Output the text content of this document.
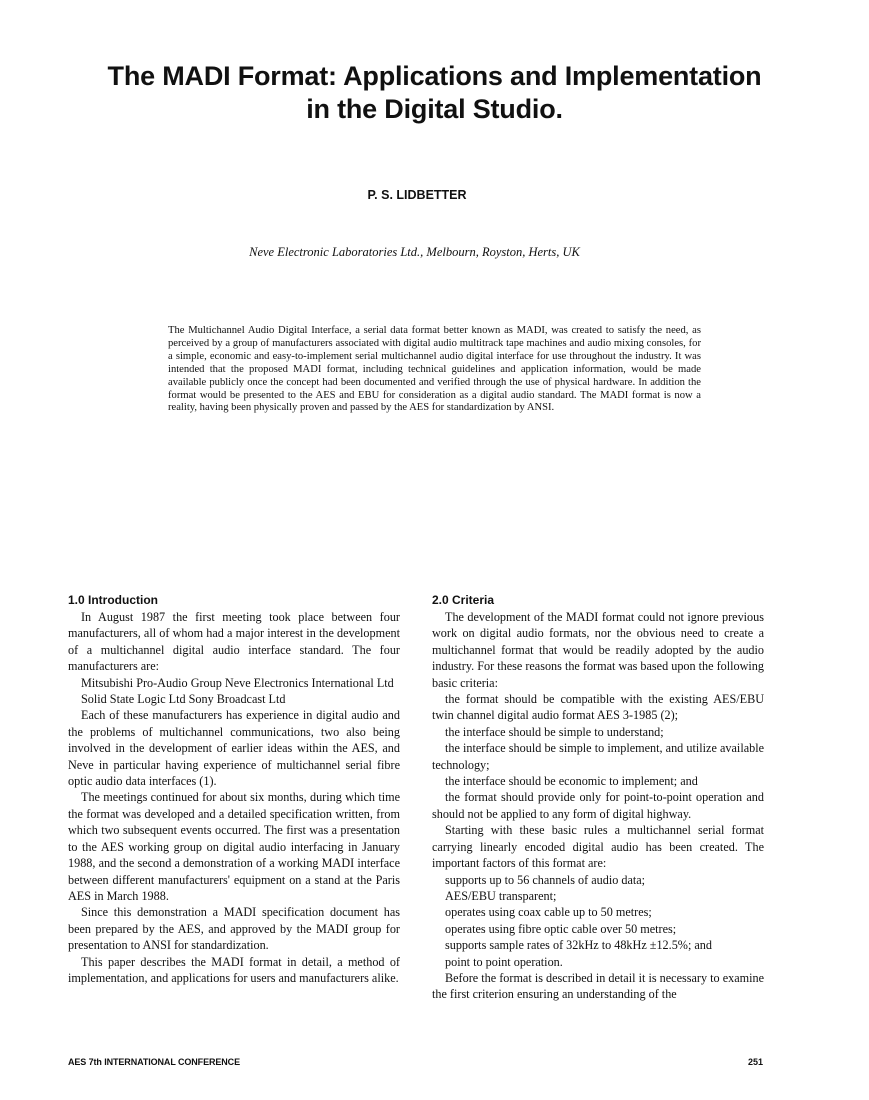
The MADI Format: Applications and Implementation
in the Digital Studio.
P. S. LIDBETTER
Neve Electronic Laboratories Ltd., Melbourn, Royston, Herts, UK

The Multichannel Audio Digital Interface, a serial data format better known as MADI, was created to satisfy the need, as perceived by a group of manufacturers associated with digital audio multitrack tape machines and audio mixing consoles, for a simple, economic and easy-to-implement serial multichannel audio digital interface for use throughout the industry. It was intended that the proposed MADI format, including technical guidelines and application information, would be made available publicly once the concept had been documented and verified through the use of physical hardware. In addition the format would be presented to the AES and EBU for consideration as a digital audio standard. The MADI format is now a reality, having been physically proven and passed by the AES for standardization by ANSI.

1.0 Introduction

In August 1987 the first meeting took place between four manufacturers, all of whom had a major interest in the development of a multichannel digital audio interface standard. The four manufacturers are:

Mitsubishi Pro-Audio Group Neve Electronics International Ltd

Solid State Logic Ltd Sony Broadcast Ltd

Each of these manufacturers has experience in digital audio and the problems of multichannel communications, two also being involved in the development of earlier ideas within the AES, and Neve in particular having experience of multichannel serial fibre optic audio data interfaces (1).

The meetings continued for about six months, during which time the format was developed and a detailed specification written, from which two subsequent events occurred. The first was a presentation to the AES working group on digital audio interfacing in January 1988, and the second a demonstration of a working MADI interface between different manufacturers' equipment on a stand at the Paris AES in March 1988.

Since this demonstration a MADI specification document has been prepared by the AES, and approved by the MADI group for presentation to ANSI for standardization.

This paper describes the MADI format in detail, a method of implementation, and applications for users and manufacturers alike.

2.0 Criteria

The development of the MADI format could not ignore previous work on digital audio formats, nor the obvious need to create a multichannel format that would be readily adopted by the audio industry. For these reasons the format was based upon the following basic criteria:

the format should be compatible with the existing AES/EBU twin channel digital audio format AES 3-1985 (2);

the interface should be simple to understand;

the interface should be simple to implement, and utilize available technology;

the interface should be economic to implement; and

the format should provide only for point-to-point operation and should not be applied to any form of digital highway.

Starting with these basic rules a multichannel serial format carrying linearly encoded digital audio has been created. The important factors of this format are:

supports up to 56 channels of audio data;

AES/EBU transparent;

operates using coax cable up to 50 metres;

operates using fibre optic cable over 50 metres;

supports sample rates of 32kHz to 48kHz ±12.5%; and

point to point operation.

Before the format is described in detail it is necessary to examine the first criterion ensuring an understanding of the

AES 7th INTERNATIONAL CONFERENCE	251
